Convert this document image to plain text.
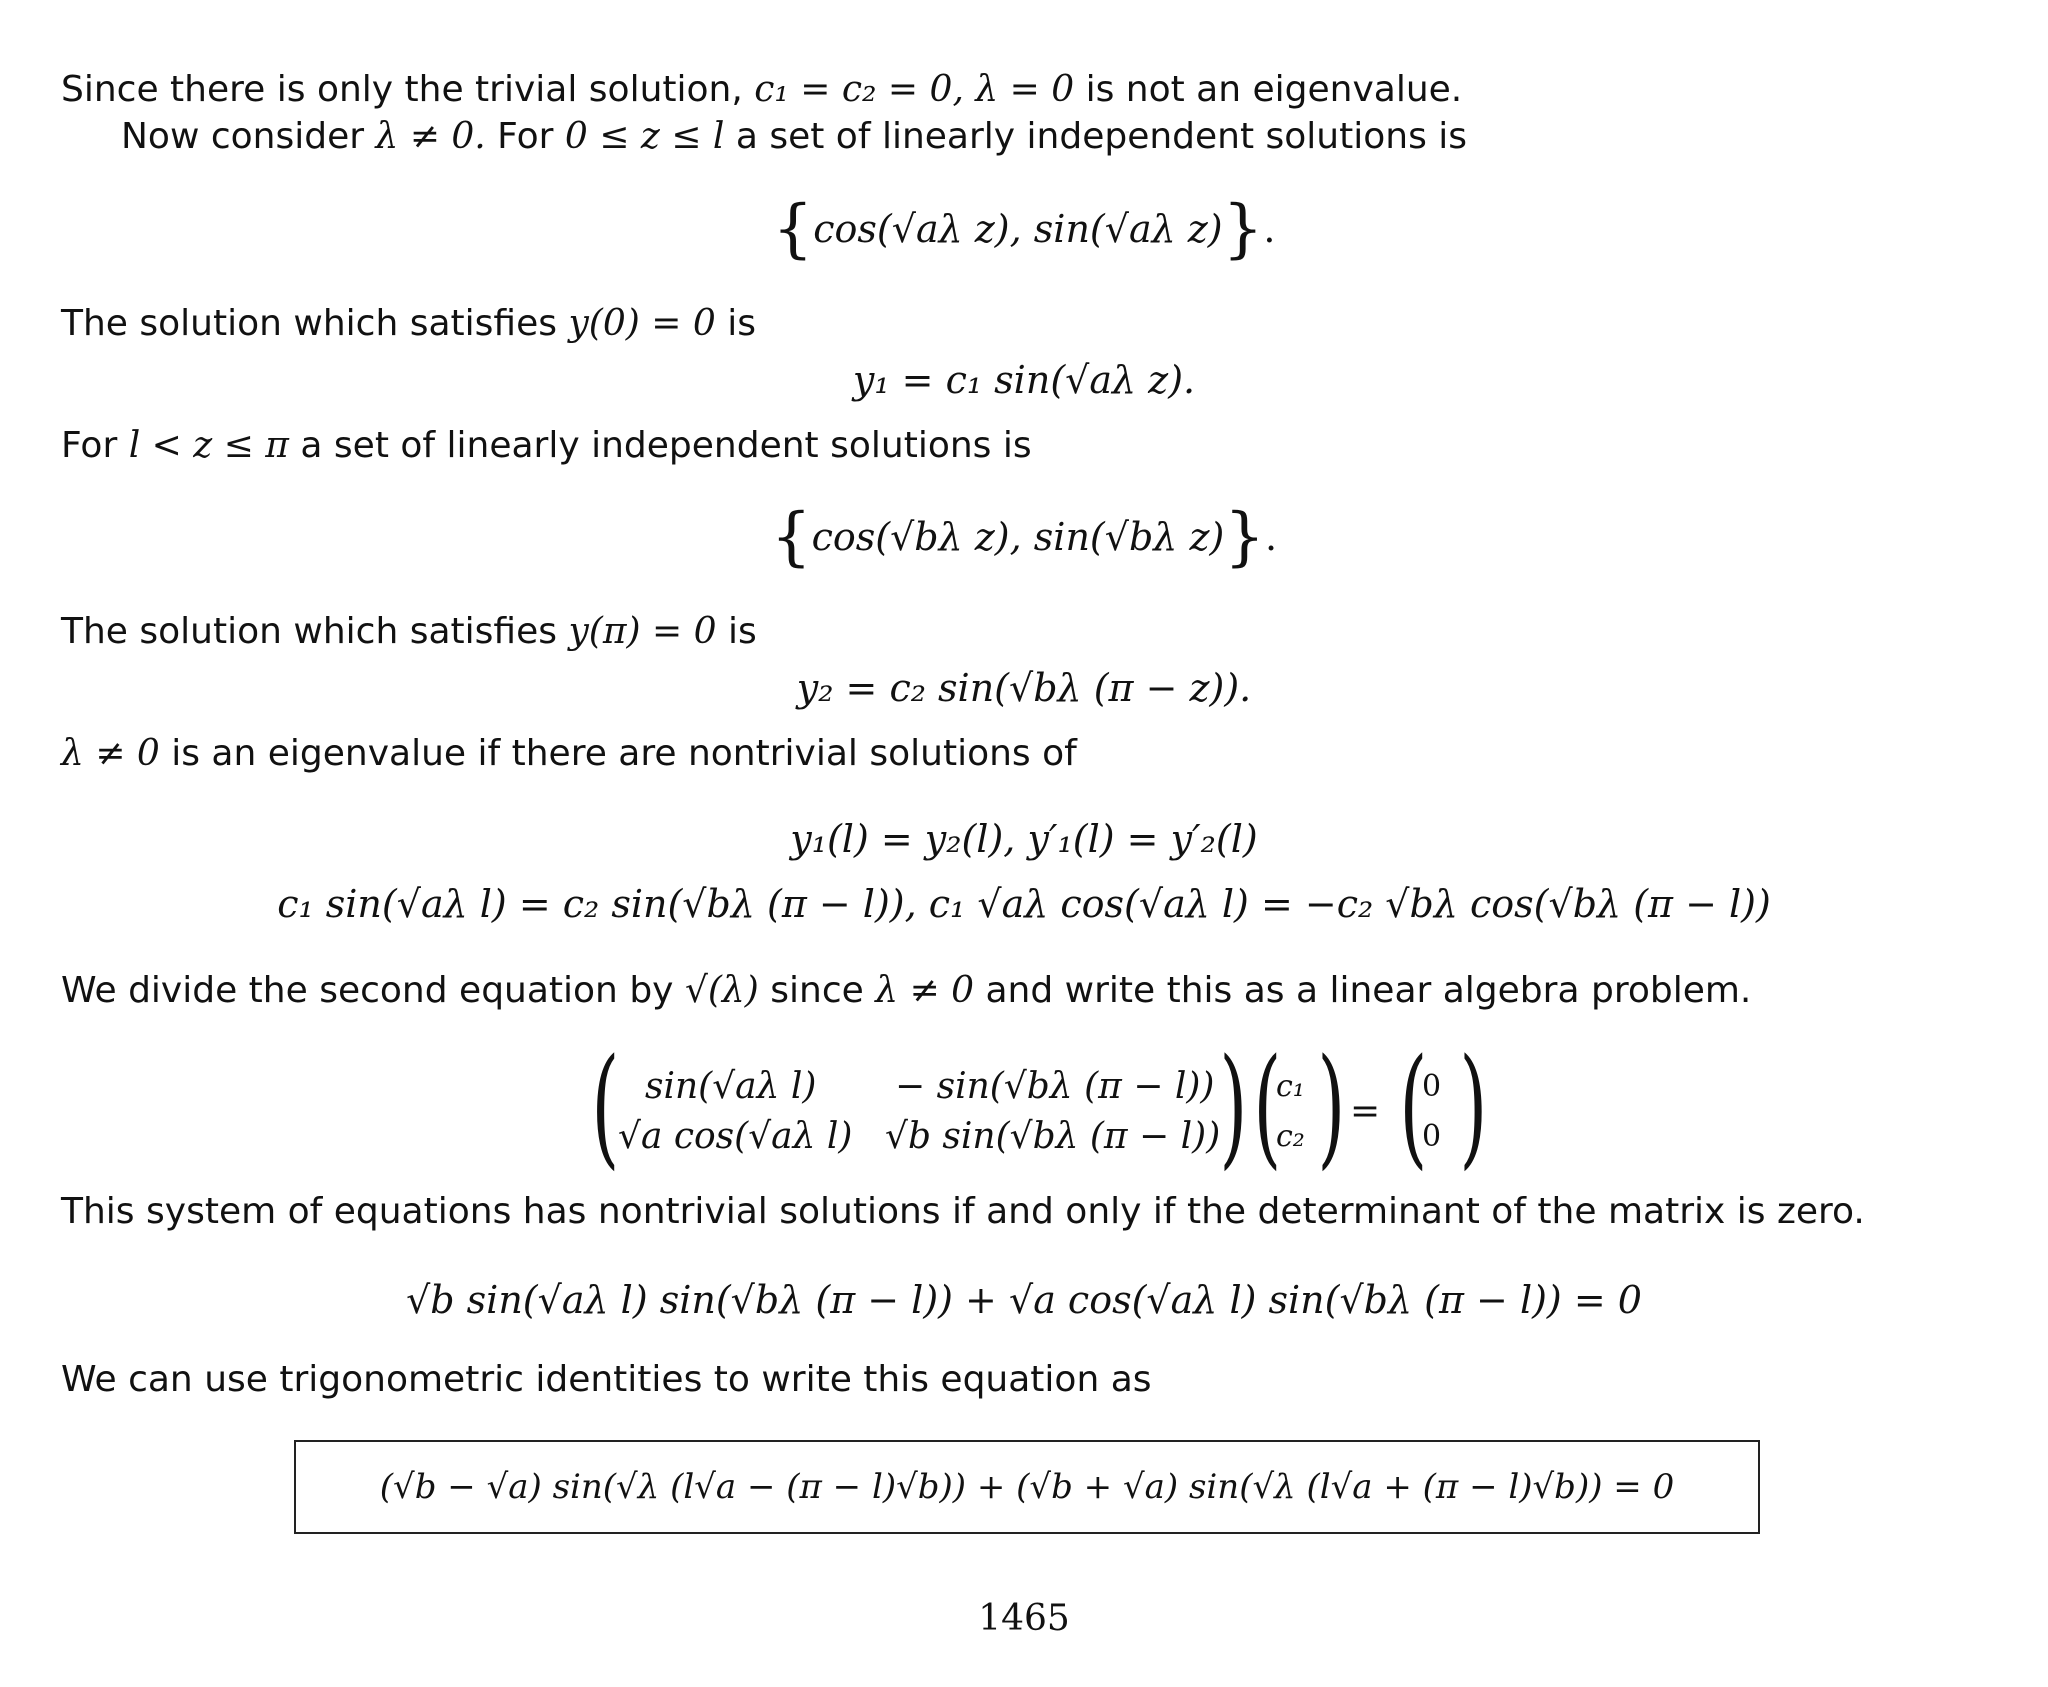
Since there is only the trivial solution, c₁ = c₂ = 0, λ = 0 is not an eigenvalue.
Now consider λ ≠ 0. For 0 ≤ z ≤ l a set of linearly independent solutions is
{cos(√aλ z), sin(√aλ z)}.
The solution which satisfies y(0) = 0 is
y₁ = c₁ sin(√aλ z).
For l < z ≤ π a set of linearly independent solutions is
{cos(√bλ z), sin(√bλ z)}.
The solution which satisfies y(π) = 0 is
y₂ = c₂ sin(√bλ (π − z)).
λ ≠ 0 is an eigenvalue if there are nontrivial solutions of
y₁(l) = y₂(l), y′₁(l) = y′₂(l)
c₁ sin(√aλ l) = c₂ sin(√bλ (π − l)), c₁ √aλ cos(√aλ l) = −c₂ √bλ cos(√bλ (π − l))
We divide the second equation by √(λ) since λ ≠ 0 and write this as a linear algebra problem.
( sin(√aλ l) − sin(√bλ (π − l))
√a cos(√aλ l) √b sin(√bλ (π − l)) ) (
c₁
c₂ ) = (
0
0 )
This system of equations has nontrivial solutions if and only if the determinant of the matrix is zero.
√b sin(√aλ l) sin(√bλ (π − l)) + √a cos(√aλ l) sin(√bλ (π − l)) = 0
We can use trigonometric identities to write this equation as
(√b − √a) sin(√λ (l√a − (π − l)√b)) + (√b + √a) sin(√λ (l√a + (π − l)√b)) = 0
1465
